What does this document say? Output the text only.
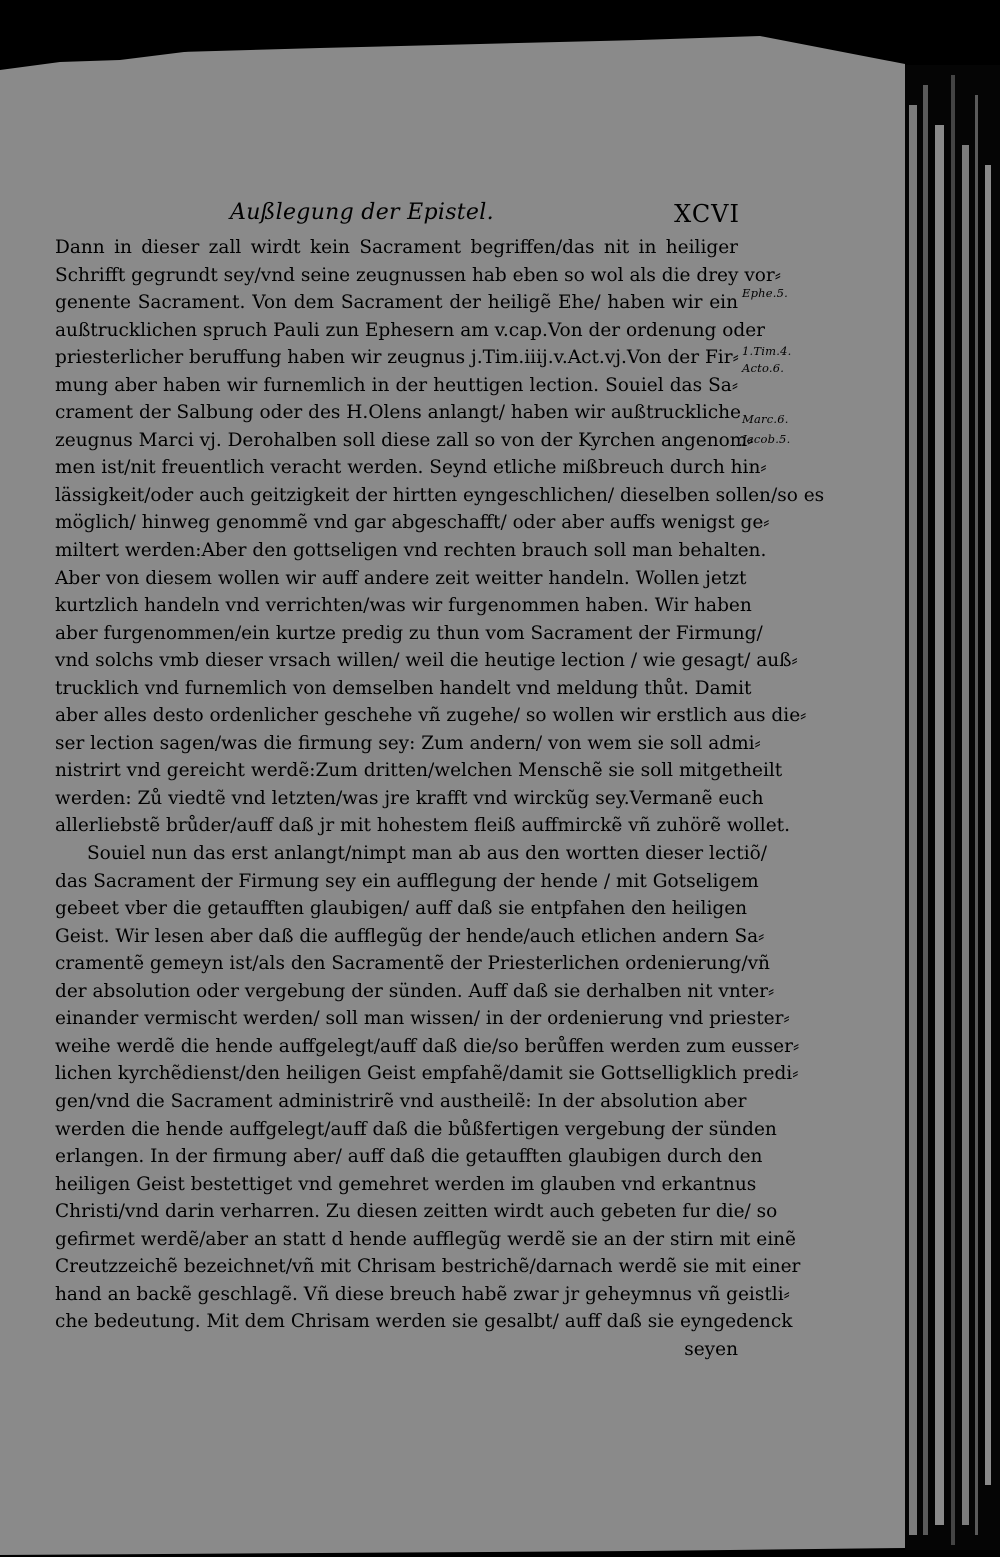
Außlegung der Epistel.	XCVI
Dann in dieser zall wirdt kein Sacrament begriffen/das nit in heiliger
Schrifft gegrundt sey/vnd seine zeugnussen hab eben so wol als die drey vor⸗
genente Sacrament. Von dem Sacrament der heiligẽ Ehe/ haben wir ein
außtrucklichen spruch Pauli zun Ephesern am v.cap.Von der ordenung oder
priesterlicher beruffung haben wir zeugnus j.Tim.iiij.v.Act.vj.Von der Fir⸗
mung aber haben wir furnemlich in der heuttigen lection. Souiel das Sa⸗
crament der Salbung oder des H.Olens anlangt/ haben wir außtruckliche
zeugnus Marci vj. Derohalben soll diese zall so von der Kyrchen angenom⸗
men ist/nit freuentlich veracht werden. Seynd etliche mißbreuch durch hin⸗
lässigkeit/oder auch geitzigkeit der hirtten eyngeschlichen/ dieselben sollen/so es
möglich/ hinweg genommẽ vnd gar abgeschafft/ oder aber auffs wenigst ge⸗
miltert werden:Aber den gottseligen vnd rechten brauch soll man behalten.
Aber von diesem wollen wir auff andere zeit weitter handeln. Wollen jetzt
kurtzlich handeln vnd verrichten/was wir furgenommen haben. Wir haben
aber furgenommen/ein kurtze predig zu thun vom Sacrament der Firmung/
vnd solchs vmb dieser vrsach willen/ weil die heutige lection / wie gesagt/ auß⸗
trucklich vnd furnemlich von demselben handelt vnd meldung thůt. Damit
aber alles desto ordenlicher geschehe vñ zugehe/ so wollen wir erstlich aus die⸗
ser lection sagen/was die firmung sey: Zum andern/ von wem sie soll admi⸗
nistrirt vnd gereicht werdẽ:Zum dritten/welchen Menschẽ sie soll mitgetheilt
werden: Zů viedtẽ vnd letzten/was jre krafft vnd wirckũg sey.Vermanẽ euch
allerliebstẽ brůder/auff daß jr mit hohestem fleiß auffmirckẽ vñ zuhörẽ wollet.
Souiel nun das erst anlangt/nimpt man ab aus den wortten dieser lectiõ/
das Sacrament der Firmung sey ein aufflegung der hende / mit Gotseligem
gebeet vber die getaufften glaubigen/ auff daß sie entpfahen den heiligen
Geist. Wir lesen aber daß die aufflegũg der hende/auch etlichen andern Sa⸗
cramentẽ gemeyn ist/als den Sacramentẽ der Priesterlichen ordenierung/vñ
der absolution oder vergebung der sünden. Auff daß sie derhalben nit vnter⸗
einander vermischt werden/ soll man wissen/ in der ordenierung vnd priester⸗
weihe werdẽ die hende auffgelegt/auff daß die/so berůffen werden zum eusser⸗
lichen kyrchẽdienst/den heiligen Geist empfahẽ/damit sie Gottselligklich predi⸗
gen/vnd die Sacrament administrirẽ vnd austheilẽ: In der absolution aber
werden die hende auffgelegt/auff daß die bůßfertigen vergebung der sünden
erlangen. In der firmung aber/ auff daß die getaufften glaubigen durch den
heiligen Geist bestettiget vnd gemehret werden im glauben vnd erkantnus
Christi/vnd darin verharren. Zu diesen zeitten wirdt auch gebeten fur die/ so
gefirmet werdẽ/aber an statt d hende aufflegũg werdẽ sie an der stirn mit einẽ
Creutzzeichẽ bezeichnet/vñ mit Chrisam bestrichẽ/darnach werdẽ sie mit einer
hand an backẽ geschlagẽ. Vñ diese breuch habẽ zwar jr geheymnus vñ geistli⸗
che bedeutung. Mit dem Chrisam werden sie gesalbt/ auff daß sie eyngedenck
seyen
Ephe.5.
1.Tim.4.
Acto.6.
Marc.6.
Jacob.5.
